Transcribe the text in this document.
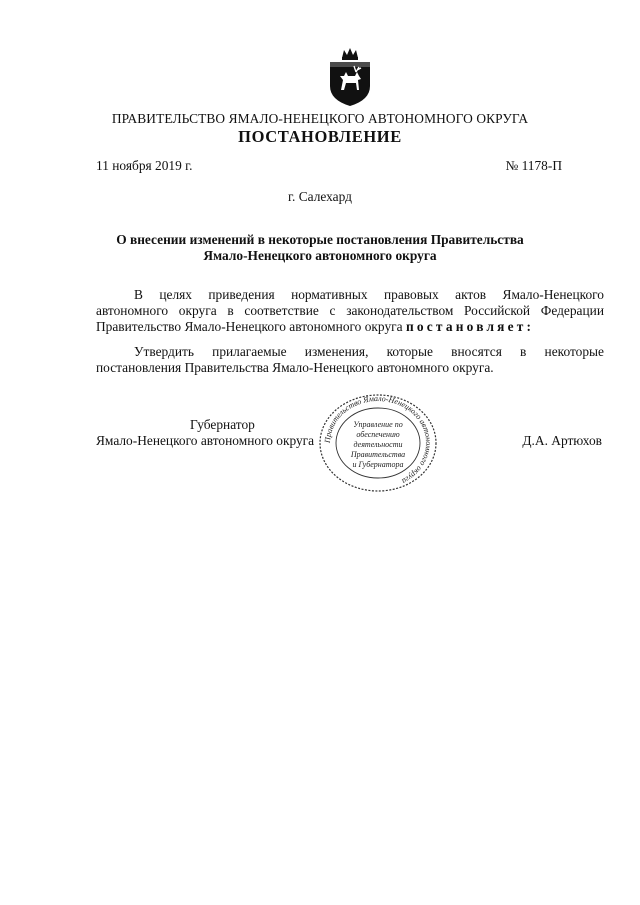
ПРАВИТЕЛЬСТВО ЯМАЛО-НЕНЕЦКОГО АВТОНОМНОГО ОКРУГА
ПОСТАНОВЛЕНИЕ
11 ноября 2019 г.	№ 1178-П
г. Салехард
О внесении изменений в некоторые постановления Правительства
Ямало-Ненецкого автономного округа
В целях приведения нормативных правовых актов Ямало-Ненецкого
автономного округа в соответствие с законодательством Российской Федерации
Правительство Ямало-Ненецкого автономного округа постановляет:
Утвердить прилагаемые изменения, которые вносятся в некоторые
постановления Правительства Ямало-Ненецкого автономного округа.
Правительство Ямало-Ненецкого автономного округа
Управление по
обеспечению
деятельности
Правительства
и Губернатора
Губернатор
Ямало-Ненецкого автономного округа	Д.А. Артюхов
